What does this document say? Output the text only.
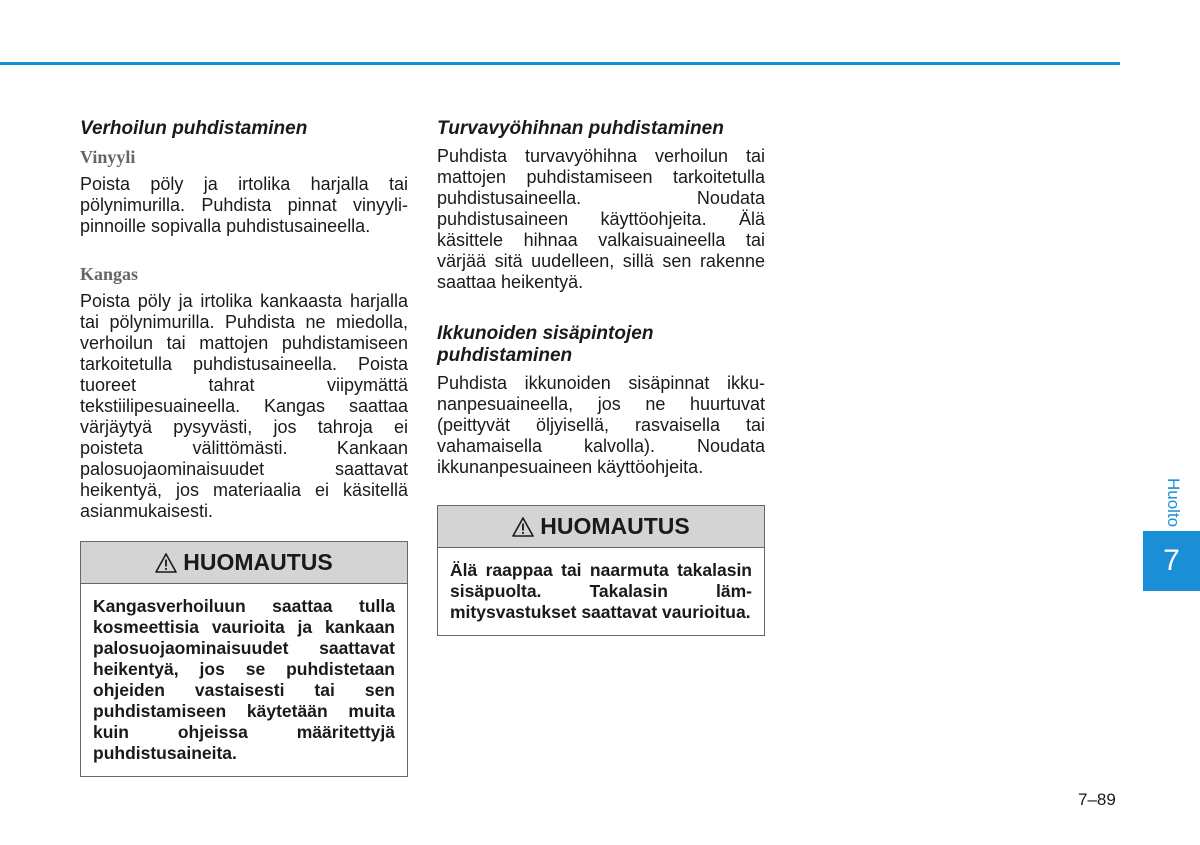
Verhoilun puhdistaminen

Vinyyli

Poista pöly ja irtolika harjalla tai pölynimurilla. Puhdista pinnat vinyylipinnoille sopivalla puhdistusaineella.

Kangas

Poista pöly ja irtolika kankaasta harjalla tai pölynimurilla. Puhdista ne miedolla, verhoilun tai mattojen puhdistamiseen tarkoitetulla puhdistusaineella. Poista tuoreet tahrat viipymättä tekstiilipesuaineella. Kangas saattaa värjäytyä pysyvästi, jos tahroja ei poisteta välittömästi. Kankaan palosuojaominaisuudet saattavat heikentyä, jos materiaalia ei käsitellä asianmukaisesti.

HUOMAUTUS
Kangasverhoiluun saattaa tulla kosmeettisia vaurioita ja kankaan palosuojaominaisuudet saattavat heikentyä, jos se puhdistetaan ohjeiden vastaisesti tai sen puhdistamiseen käytetään muita kuin ohjeissa määritettyjä puhdistusaineita.

Turvavyöhihnan puhdistaminen

Puhdista turvavyöhihna verhoilun tai mattojen puhdistamiseen tarkoitetulla puhdistusaineella. Noudata puhdistusaineen käyttöohjeita. Älä käsittele hihnaa valkaisuaineella tai värjää sitä uudelleen, sillä sen rakenne saattaa heikentyä.

Ikkunoiden sisäpintojen puhdistaminen

Puhdista ikkunoiden sisäpinnat ikkunanpesuaineella, jos ne huurtuvat (peittyvät öljyisellä, rasvaisella tai vahamaisella kalvolla). Noudata ikkunanpesuaineen käyttöohjeita.

HUOMAUTUS
Älä raappaa tai naarmuta takalasin sisäpuolta. Takalasin lämmitysvastukset saattavat vaurioitua.
Huolto
7
7–89
